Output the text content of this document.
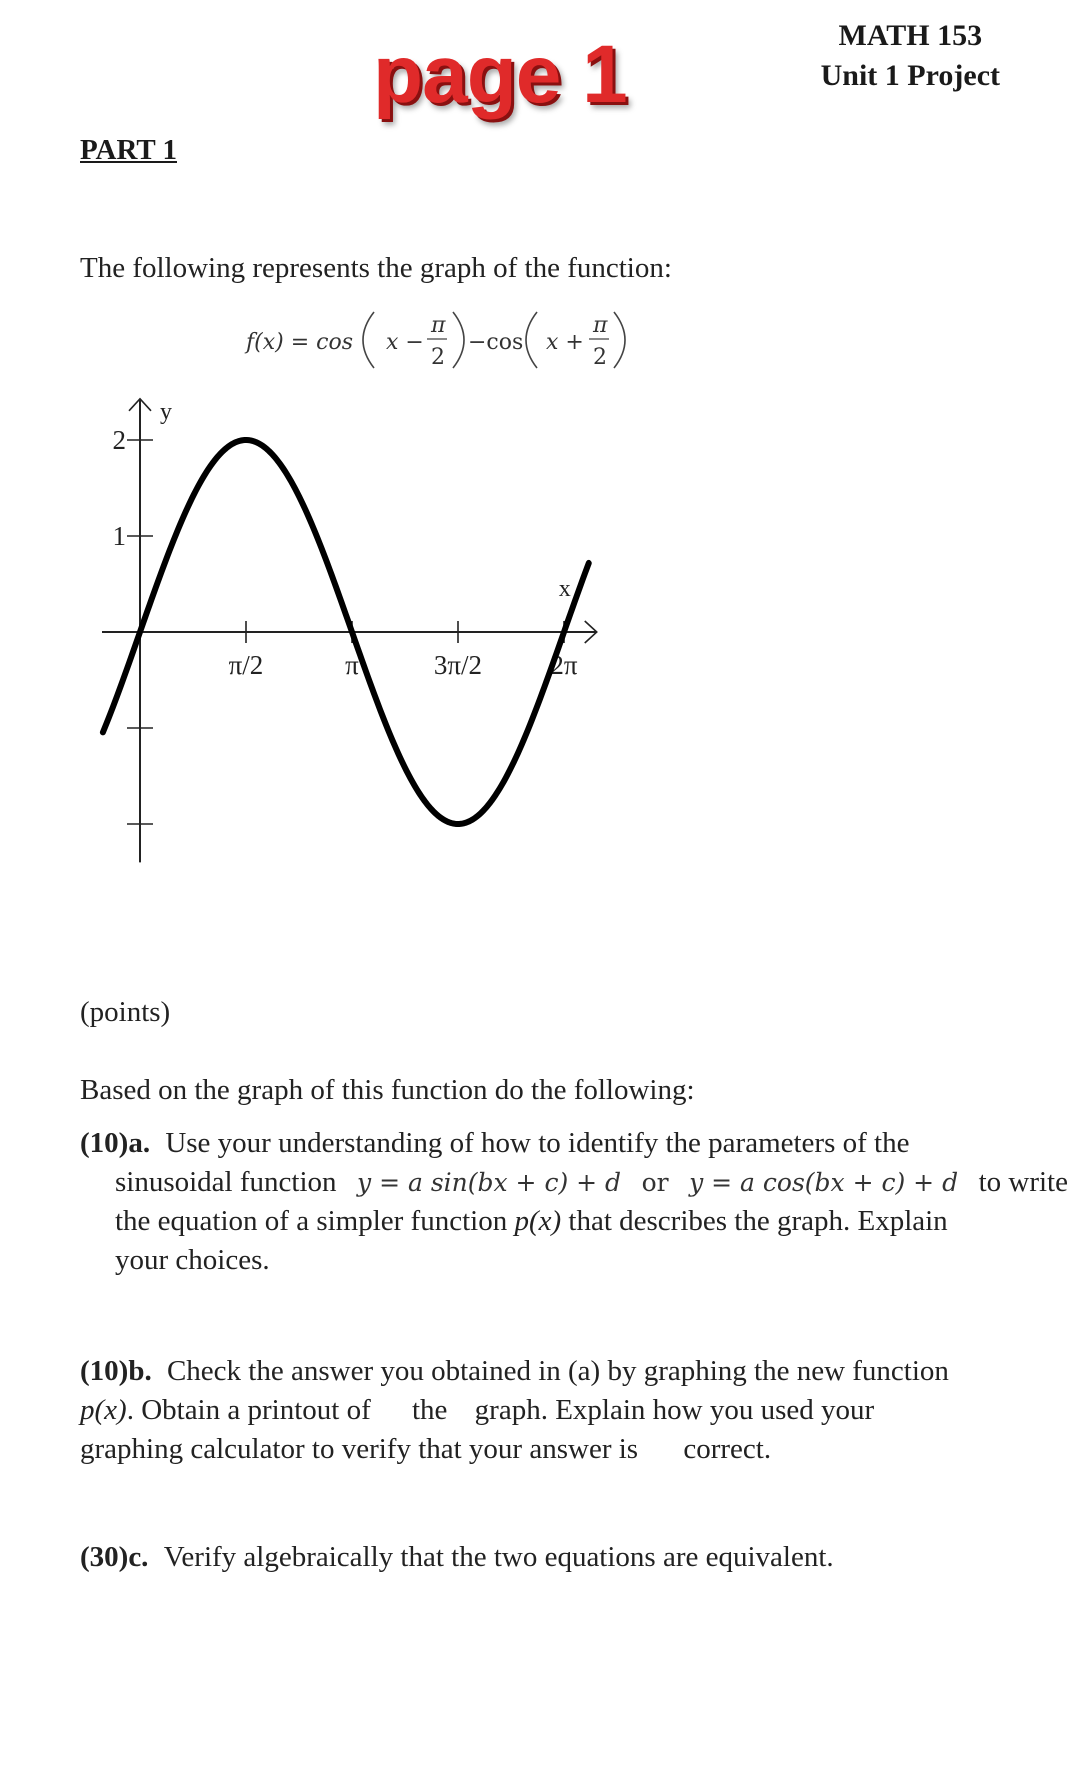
MATH 153
Unit 1 Project
page 1
PART 1
The following represents the graph of the function:
f(x) = cos x −
π
2
−cos x +
π
2
y
x
π/2	π	3π/2	2π
1
2
(points)
Based on the graph of this function do the following:
(10)a. Use your understanding of how to identify the parameters of the
sinusoidal function y = a sin(bx + c) + d or y = a cos(bx + c) + d to write
the equation of a simpler function p(x) that describes the graph. Explain
your choices.
(10)b. Check the answer you obtained in (a) by graphing the new function
p(x). Obtain a printout of the graph. Explain how you used your
graphing calculator to verify that your answer is correct.
(30)c. Verify algebraically that the two equations are equivalent.
